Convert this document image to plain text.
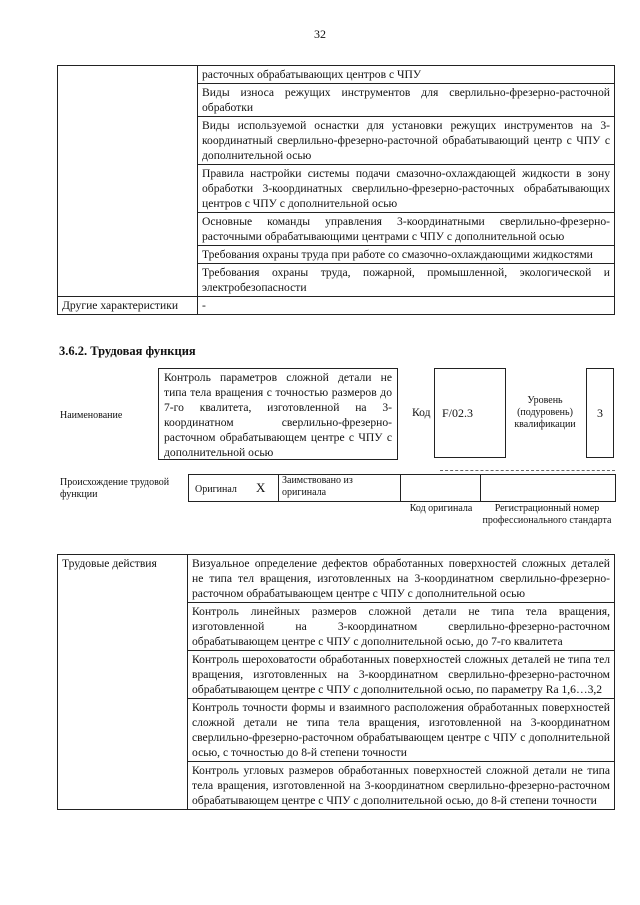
32
	расточных обрабатывающих центров с ЧПУ
	Виды износа режущих инструментов для сверлильно-фрезерно-расточной обработки
	Виды используемой оснастки для установки режущих инструментов на 3-координатный сверлильно-фрезерно-расточной обрабатывающий центр с ЧПУ с дополнительной осью
	Правила настройки системы подачи смазочно-охлаждающей жидкости в зону обработки 3-координатных сверлильно-фрезерно-расточных обрабатывающих центров с ЧПУ с дополнительной осью
	Основные команды управления 3-координатными сверлильно-фрезерно-расточными обрабатывающими центрами с ЧПУ с дополнительной осью
	Требования охраны труда при работе со смазочно-охлаждающими жидкостями
	Требования охраны труда, пожарной, промышленной, экологической и электробезопасности
Другие характеристики	-
3.6.2. Трудовая функция
Наименование
Контроль параметров сложной детали не типа тела вращения с точностью размеров до 7-го квалитета, изготовленной на 3-координатном сверлильно-фрезерно-расточном обрабатывающем центре с ЧПУ с дополнительной осью
Код F/02.3
Уровень (подуровень) квалификации
3
Происхождение трудовой функции	Оригинал X Заимствовано из оригинала
Код оригинала	Регистрационный номер профессионального стандарта
Трудовые действия	Визуальное определение дефектов обработанных поверхностей сложных деталей не типа тел вращения, изготовленных на 3-координатном сверлильно-фрезерно-расточном обрабатывающем центре с ЧПУ с дополнительной осью
Контроль линейных размеров сложной детали не типа тела вращения, изготовленной на 3-координатном сверлильно-фрезерно-расточном обрабатывающем центре с ЧПУ с дополнительной осью, до 7-го квалитета
Контроль шероховатости обработанных поверхностей сложных деталей не типа тел вращения, изготовленных на 3-координатном сверлильно-фрезерно-расточном обрабатывающем центре с ЧПУ с дополнительной осью, по параметру Ra 1,6…3,2
Контроль точности формы и взаимного расположения обработанных поверхностей сложной детали не типа тела вращения, изготовленной на 3-координатном сверлильно-фрезерно-расточном обрабатывающем центре с ЧПУ с дополнительной осью, с точностью до 8-й степени точности
Контроль угловых размеров обработанных поверхностей сложной детали не типа тела вращения, изготовленной на 3-координатном сверлильно-фрезерно-расточном обрабатывающем центре с ЧПУ с дополнительной осью, до 8-й степени точности
